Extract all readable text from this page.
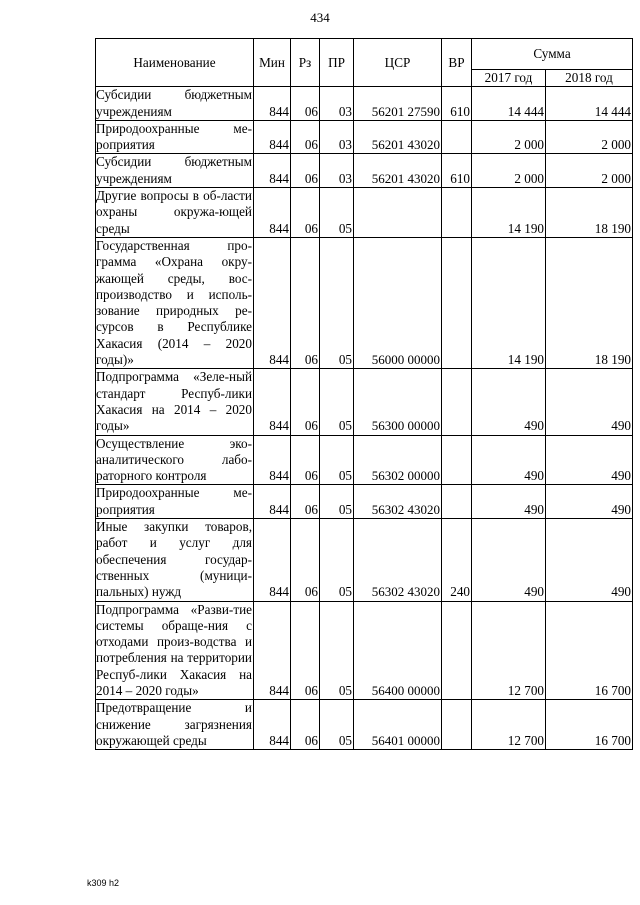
434
Наименование	Мин	Рз	ПР	ЦСР	ВР	Сумма	
						2017 год	2018 год
Субсидии бюджетным учреждениям	844	06	03	56201 27590	610	14 444	14 444
Природоохранные ме-роприятия	844	06	03	56201 43020		2 000	2 000
Субсидии бюджетным учреждениям	844	06	03	56201 43020	610	2 000	2 000
Другие вопросы в об-ласти охраны окружа-ющей среды	844	06	05			14 190	18 190
Государственная про-грамма «Охрана окру-жающей среды, вос-производство и исполь-зование природных ре-сурсов в Республике Хакасия (2014 – 2020 годы)»	844	06	05	56000 00000		14 190	18 190
Подпрограмма «Зеле-ный стандарт Респуб-лики Хакасия на 2014 – 2020 годы»	844	06	05	56300 00000		490	490
Осуществление эко-аналитического лабо-раторного контроля	844	06	05	56302 00000		490	490
Природоохранные ме-роприятия	844	06	05	56302 43020		490	490
Иные закупки товаров, работ и услуг для обеспечения государ-ственных (муници-пальных) нужд	844	06	05	56302 43020	240	490	490
Подпрограмма «Разви-тие системы обраще-ния с отходами произ-водства и потребления на территории Респуб-лики Хакасия на 2014 – 2020 годы»	844	06	05	56400 00000		12 700	16 700
Предотвращение и снижение загрязнения окружающей среды	844	06	05	56401 00000		12 700	16 700
k309 h2
